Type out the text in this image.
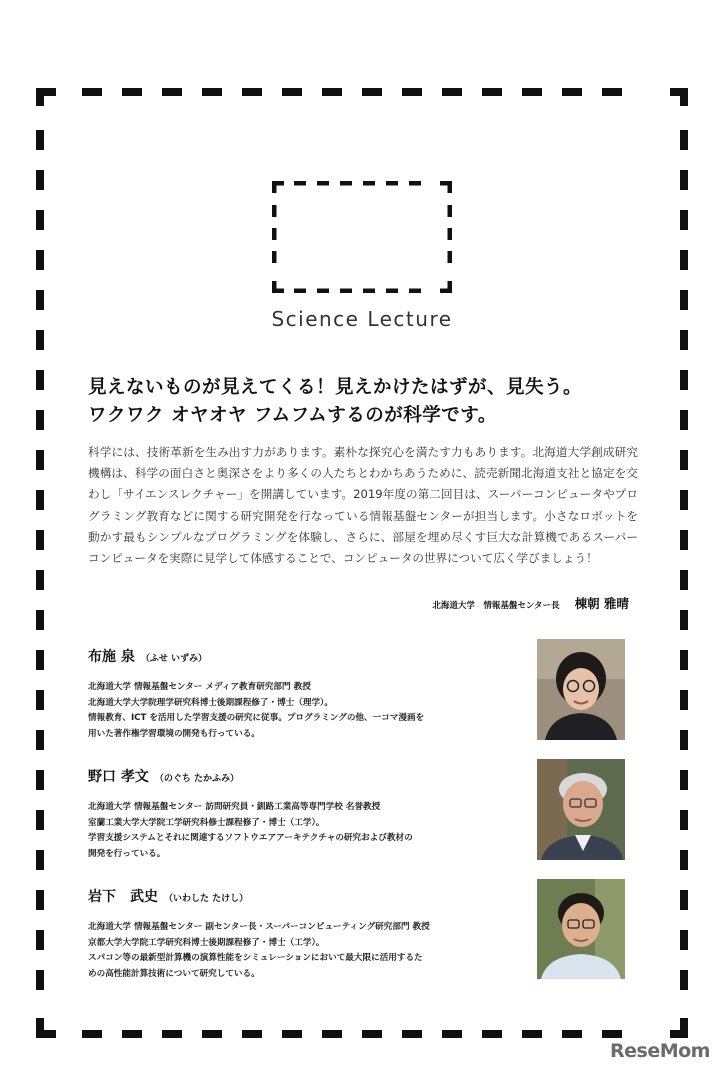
Science Lecture
見えないものが見えてくる！見えかけたはずが、見失う。
ワクワク オヤオヤ フムフムするのが科学です。

科学には、技術革新を生み出す力があります。素朴な探究心を満たす力もあります。北海道大学創成研究機構は、科学の面白さと奥深さをより多くの人たちとわかちあうために、読売新聞北海道支社と協定を交わし「サイエンスレクチャー」を開講しています。2019年度の第二回目は、スーパーコンピュータやプログラミング教育などに関する研究開発を行なっている情報基盤センターが担当します。小さなロボットを動かす最もシンプルなプログラミングを体験し、さらに、部屋を埋め尽くす巨大な計算機であるスーパーコンピュータを実際に見学して体感することで、コンピュータの世界について広く学びましょう！

北海道大学　情報基盤センター長 棟朝 雅晴
布施 泉 （ふせ いずみ）
北海道大学 情報基盤センター メディア教育研究部門 教授
北海道大学大学院理学研究科博士後期課程修了・博士（理学）。
情報教育、ICT を活用した学習支援の研究に従事。プログラミングの他、一コマ漫画を
用いた著作権学習環境の開発も行っている。
野口 孝文 （のぐち たかふみ）
北海道大学 情報基盤センター 訪問研究員・釧路工業高等専門学校 名誉教授
室蘭工業大学大学院工学研究科修士課程修了・博士（工学）。
学習支援システムとそれに関連するソフトウエアアーキテクチャの研究および教材の
開発を行っている。
岩下　武史 （いわした たけし）
北海道大学 情報基盤センター 副センター長・スーパーコンピューティング研究部門 教授
京都大学大学院工学研究科博士後期課程修了・博士（工学）。
スパコン等の最新型計算機の演算性能をシミュレーションにおいて最大限に活用するた
めの高性能計算技術について研究している。
ReseMom
